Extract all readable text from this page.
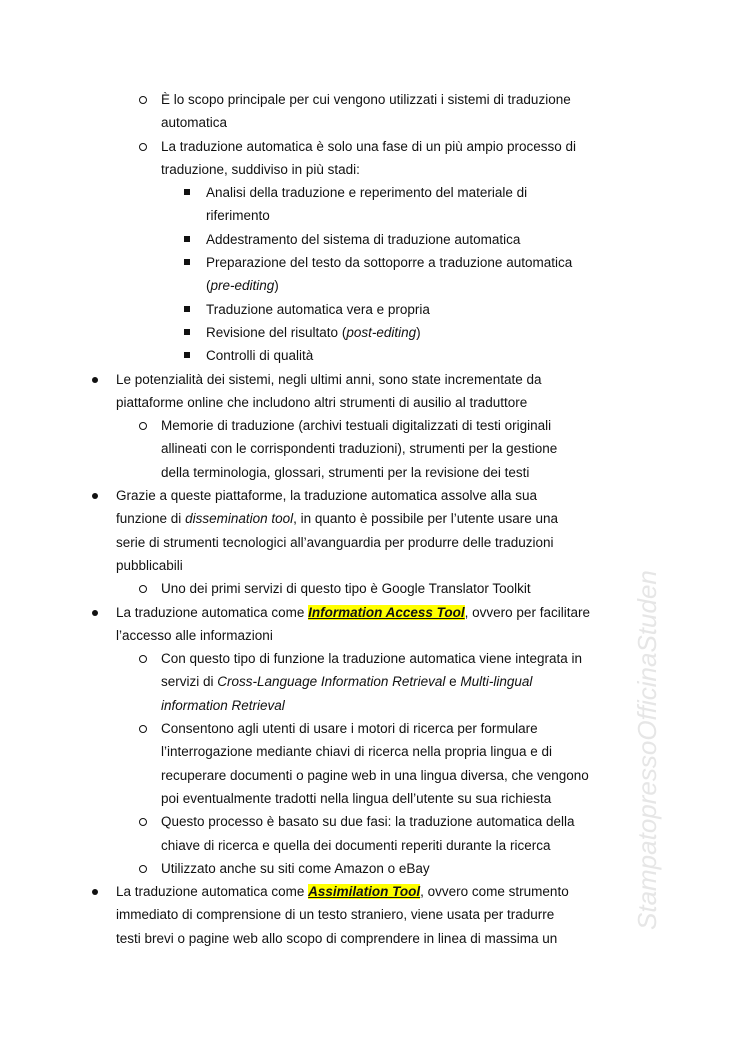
StampatopressoOfficinaStuden
È lo scopo principale per cui vengono utilizzati i sistemi di traduzione
automatica
La traduzione automatica è solo una fase di un più ampio processo di
traduzione, suddiviso in più stadi:
Analisi della traduzione e reperimento del materiale di
riferimento
Addestramento del sistema di traduzione automatica
Preparazione del testo da sottoporre a traduzione automatica
(pre-editing)
Traduzione automatica vera e propria
Revisione del risultato (post-editing)
Controlli di qualità
Le potenzialità dei sistemi, negli ultimi anni, sono state incrementate da
piattaforme online che includono altri strumenti di ausilio al traduttore
Memorie di traduzione (archivi testuali digitalizzati di testi originali
allineati con le corrispondenti traduzioni), strumenti per la gestione
della terminologia, glossari, strumenti per la revisione dei testi
Grazie a queste piattaforme, la traduzione automatica assolve alla sua
funzione di dissemination tool, in quanto è possibile per l’utente usare una
serie di strumenti tecnologici all’avanguardia per produrre delle traduzioni
pubblicabili
Uno dei primi servizi di questo tipo è Google Translator Toolkit
La traduzione automatica come Information Access Tool, ovvero per facilitare
l’accesso alle informazioni
Con questo tipo di funzione la traduzione automatica viene integrata in
servizi di Cross-Language Information Retrieval e Multi-lingual
information Retrieval
Consentono agli utenti di usare i motori di ricerca per formulare
l’interrogazione mediante chiavi di ricerca nella propria lingua e di
recuperare documenti o pagine web in una lingua diversa, che vengono
poi eventualmente tradotti nella lingua dell’utente su sua richiesta
Questo processo è basato su due fasi: la traduzione automatica della
chiave di ricerca e quella dei documenti reperiti durante la ricerca
Utilizzato anche su siti come Amazon o eBay
La traduzione automatica come Assimilation Tool, ovvero come strumento
immediato di comprensione di un testo straniero, viene usata per tradurre
testi brevi o pagine web allo scopo di comprendere in linea di massima un
